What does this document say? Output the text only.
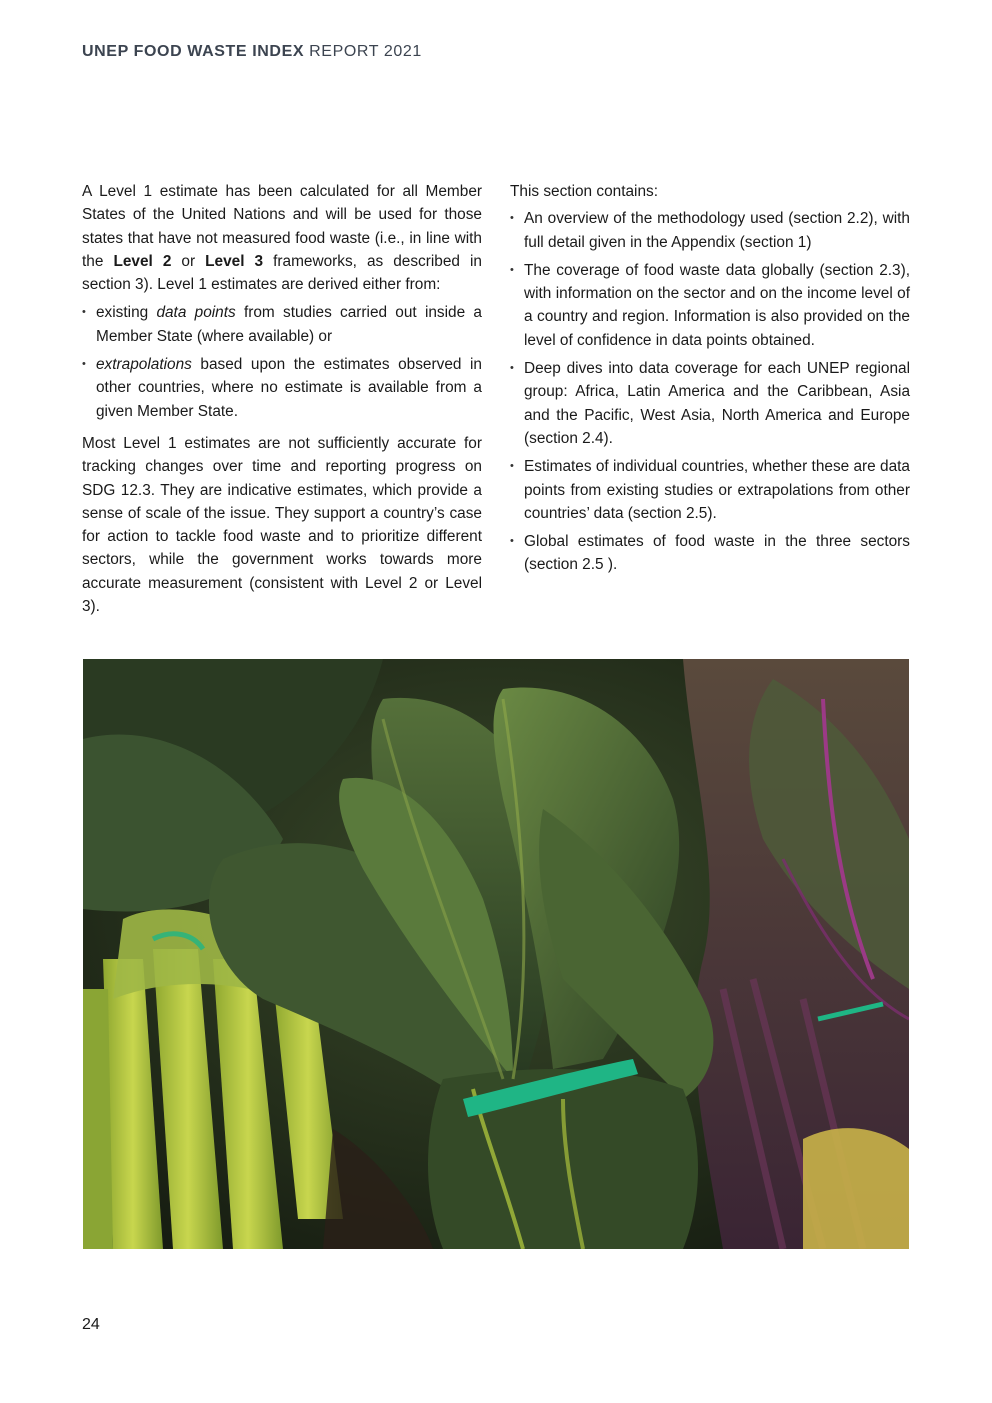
UNEP FOOD WASTE INDEX REPORT 2021

A Level 1 estimate has been calculated for all Member States of the United Nations and will be used for those states that have not measured food waste (i.e., in line with the Level 2 or Level 3 frameworks, as described in section 3). Level 1 estimates are derived either from:

• existing data points from studies carried out inside a Member State (where available) or
• extrapolations based upon the estimates observed in other countries, where no estimate is available from a given Member State.

Most Level 1 estimates are not sufficiently accurate for tracking changes over time and reporting progress on SDG 12.3. They are indicative estimates, which provide a sense of scale of the issue. They support a country’s case for action to tackle food waste and to prioritize different sectors, while the government works towards more accurate measurement (consistent with Level 2 or Level 3).

This section contains:

• An overview of the methodology used (section 2.2), with full detail given in the Appendix (section 1)
• The coverage of food waste data globally (section 2.3), with information on the sector and on the income level of a country and region. Information is also provided on the level of confidence in data points obtained.
• Deep dives into data coverage for each UNEP regional group: Africa, Latin America and the Caribbean, Asia and the Pacific, West Asia, North America and Europe (section 2.4).
• Estimates of individual countries, whether these are data points from existing studies or extrapolations from other countries’ data (section 2.5).
• Global estimates of food waste in the three sectors (section 2.5 ).
24
